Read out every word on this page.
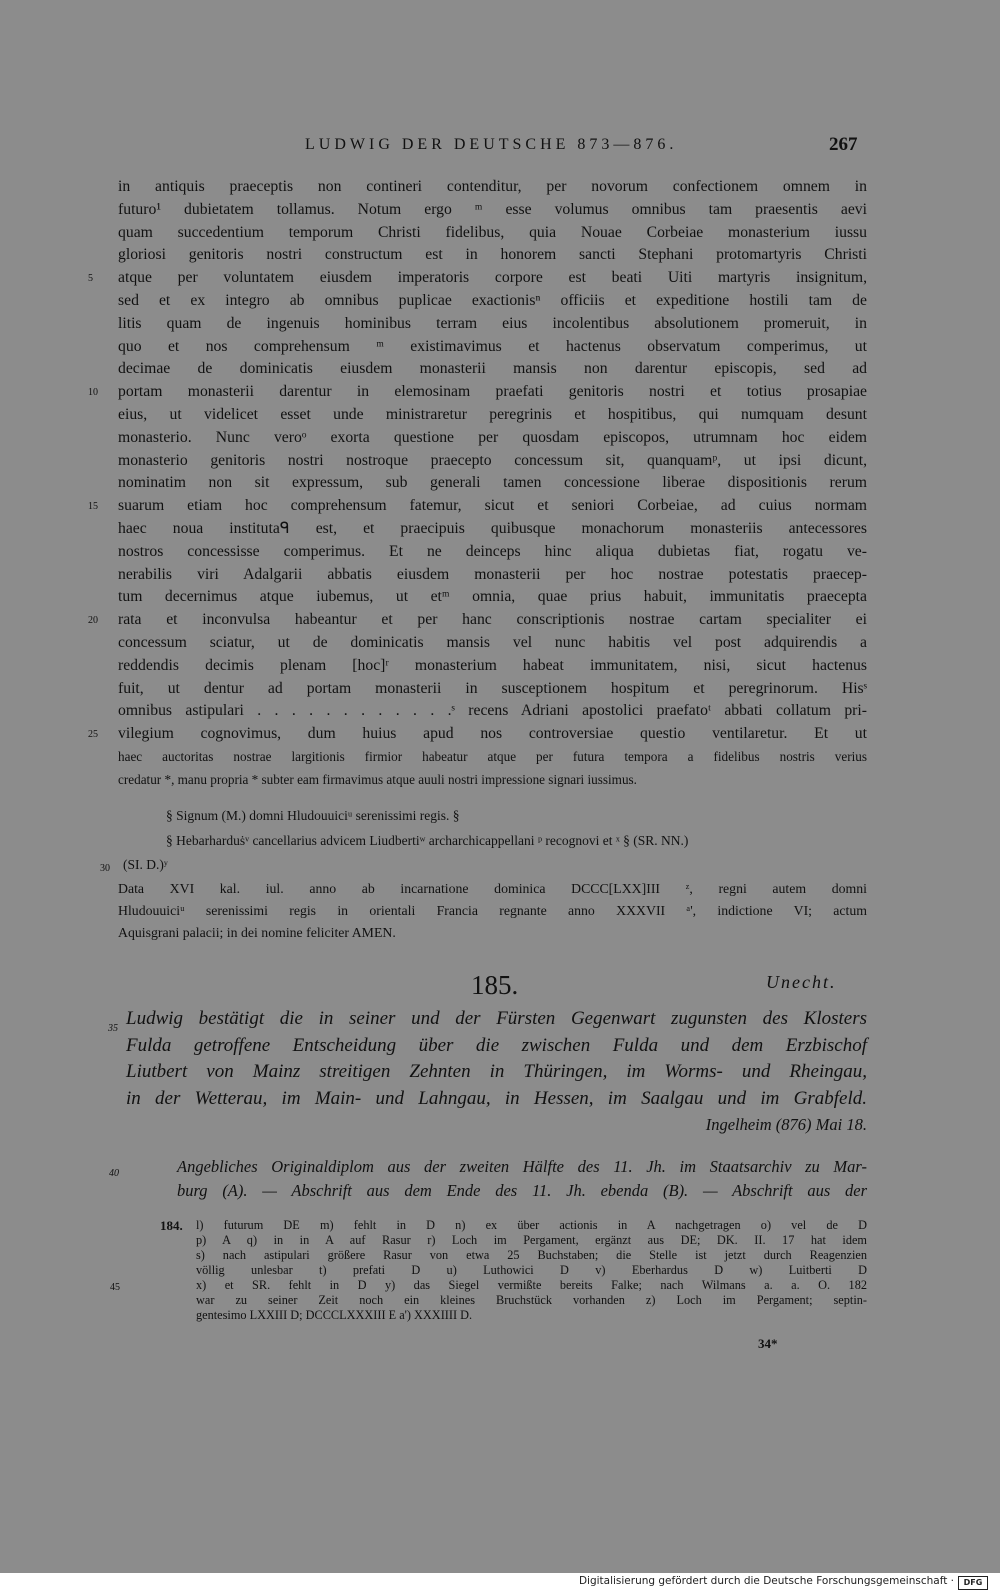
LUDWIG DER DEUTSCHE 873—876.	267
in antiquis praeceptis non contineri contenditur, per novorum confectionem omnem in
futuro¹ dubietatem tollamus. Notum ergo ᵐ esse volumus omnibus tam praesentis aevi
quam succedentium temporum Christi fidelibus, quia Nouae Corbeiae monasterium iussu
gloriosi genitoris nostri constructum est in honorem sancti Stephani protomartyris Christi
5	atque per voluntatem eiusdem imperatoris corpore est beati Uiti martyris insignitum,
sed et ex integro ab omnibus puplicae exactionisⁿ officiis et expeditione hostili tam de
litis quam de ingenuis hominibus terram eius incolentibus absolutionem promeruit, in
quo et nos comprehensum ᵐ existimavimus et hactenus observatum comperimus, ut
decimae de dominicatis eiusdem monasterii mansis non darentur episcopis, sed ad
10	portam monasterii darentur in elemosinam praefati genitoris nostri et totius prosapiae
eius, ut videlicet esset unde ministraretur peregrinis et hospitibus, qui numquam desunt
monasterio. Nunc veroᵒ exorta questione per quosdam episcopos, utrumnam hoc eidem
monasterio genitoris nostri nostroque praecepto concessum sit, quanquamᵖ, ut ipsi dicunt,
nominatim non sit expressum, sub generali tamen concessione liberae dispositionis rerum
15	suarum etiam hoc comprehensum fatemur, sicut et seniori Corbeiae, ad cuius normam
haec noua institutaᑫ est, et praecipuis quibusque monachorum monasteriis antecessores
nostros concessisse comperimus. Et ne deinceps hinc aliqua dubietas fiat, rogatu ve-
nerabilis viri Adalgarii abbatis eiusdem monasterii per hoc nostrae potestatis praecep-
tum decernimus atque iubemus, ut etᵐ omnia, quae prius habuit, immunitatis praecepta
20	rata et inconvulsa habeantur et per hanc conscriptionis nostrae cartam specialiter ei
concessum sciatur, ut de dominicatis mansis vel nunc habitis vel post adquirendis a
reddendis decimis plenam [hoc]ʳ monasterium habeat immunitatem, nisi, sicut hactenus
fuit, ut dentur ad portam monasterii in susceptionem hospitum et peregrinorum. Hisˢ
omnibus astipulari . . . . . . . . . . . .ˢ recens Adriani apostolici praefatoᵗ abbati collatum pri-
25	vilegium cognovimus, dum huius apud nos controversiae questio ventilaretur. Et ut
haec auctoritas nostrae largitionis firmior habeatur atque per futura tempora a fidelibus nostris verius
credatur *, manu propria * subter eam firmavimus atque auuli nostri impressione signari iussimus.
§ Signum (M.) domni Hludouuiciᵘ serenissimi regis. §
§ Hebarharduṡᵛ cancellarius advicem Liudbertiʷ archarchicappellani ᵖ recognovi et ˣ § (SR. NN.)
30 (SI. D.)ʸ
Data XVI kal. iul. anno ab incarnatione dominica DCCC[LXX]III ᶻ, regni autem domni
Hludouuiciᵘ serenissimi regis in orientali Francia regnante anno XXXVII ᵃ', indictione VI; actum
Aquisgrani palacii; in dei nomine feliciter AMEN.
185.	Unecht.
35 Ludwig bestätigt die in seiner und der Fürsten Gegenwart zugunsten des Klosters
Fulda getroffene Entscheidung über die zwischen Fulda und dem Erzbischof
Liutbert von Mainz streitigen Zehnten in Thüringen, im Worms- und Rheingau,
in der Wetterau, im Main- und Lahngau, in Hessen, im Saalgau und im Grabfeld.
Ingelheim (876) Mai 18.
40	Angebliches Originaldiplom aus der zweiten Hälfte des 11. Jh. im Staatsarchiv zu Mar-
burg (A). — Abschrift aus dem Ende des 11. Jh. ebenda (B). — Abschrift aus der
45
184.	l) futurum DE m) fehlt in D n) ex über actionis in A nachgetragen o) vel de D
p) A q) in in A auf Rasur r) Loch im Pergament, ergänzt aus DE; DK. II. 17 hat idem
s) nach astipulari größere Rasur von etwa 25 Buchstaben; die Stelle ist jetzt durch Reagenzien
völlig unlesbar t) prefati D u) Luthowici D v) Eberhardus D w) Luitberti D
x) et SR. fehlt in D y) das Siegel vermißte bereits Falke; nach Wilmans a. a. O. 182
war zu seiner Zeit noch ein kleines Bruchstück vorhanden z) Loch im Pergament; septin-
gentesimo LXXIII D; DCCCLXXXIII E a') XXXIIII D.
34*
Digitalisierung gefördert durch die Deutsche Forschungsgemeinschaft ·	DFG
